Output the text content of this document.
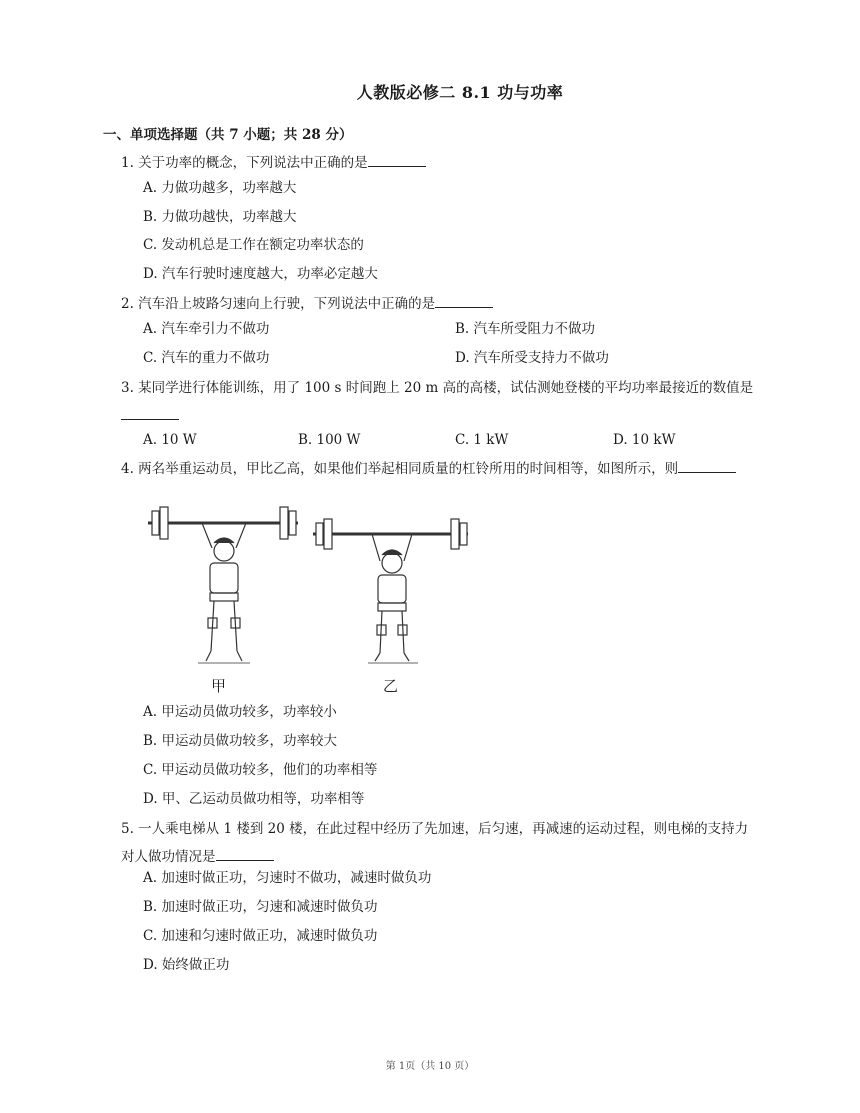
人教版必修二 8.1 功与功率
一、单项选择题（共 7 小题；共 28 分）
1. 关于功率的概念，下列说法中正确的是
A. 力做功越多，功率越大
B. 力做功越快，功率越大
C. 发动机总是工作在额定功率状态的
D. 汽车行驶时速度越大，功率必定越大
2. 汽车沿上坡路匀速向上行驶，下列说法中正确的是
A. 汽车牵引力不做功	B. 汽车所受阻力不做功
C. 汽车的重力不做功	D. 汽车所受支持力不做功
3. 某同学进行体能训练，用了 100 s 时间跑上 20 m 高的高楼，试估测她登楼的平均功率最接近的数值是
A. 10 W	B. 100 W	C. 1 kW	D. 10 kW
4. 两名举重运动员，甲比乙高，如果他们举起相同质量的杠铃所用的时间相等，如图所示，则
甲	乙
A. 甲运动员做功较多，功率较小
B. 甲运动员做功较多，功率较大
C. 甲运动员做功较多，他们的功率相等
D. 甲、乙运动员做功相等，功率相等
5. 一人乘电梯从 1 楼到 20 楼，在此过程中经历了先加速，后匀速，再减速的运动过程，则电梯的支持力对人做功情况是
A. 加速时做正功，匀速时不做功，减速时做负功
B. 加速时做正功，匀速和减速时做负功
C. 加速和匀速时做正功，减速时做负功
D. 始终做正功
第 1页（共 10 页）
